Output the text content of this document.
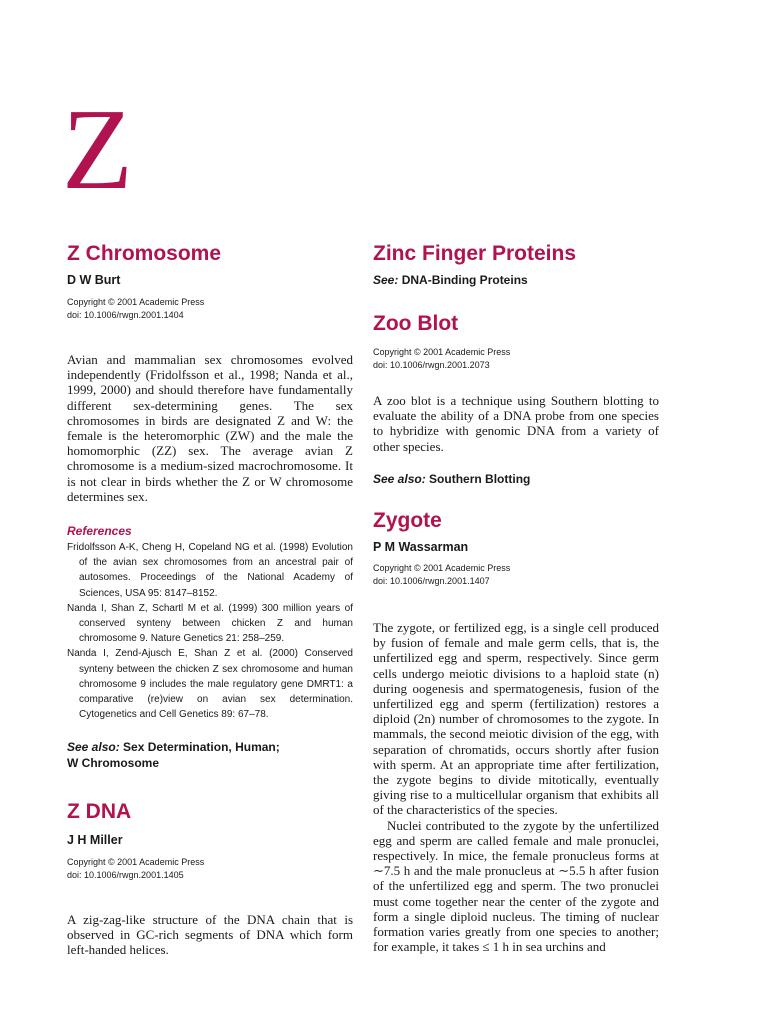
Z
Z Chromosome
D W Burt
Copyright © 2001 Academic Press
doi: 10.1006/rwgn.2001.1404

Avian and mammalian sex chromosomes evolved independently (Fridolfsson et al., 1998; Nanda et al., 1999, 2000) and should therefore have fundamentally different sex-determining genes. The sex chromosomes in birds are designated Z and W: the female is the heteromorphic (ZW) and the male the homomorphic (ZZ) sex. The average avian Z chromosome is a medium-sized macrochromosome. It is not clear in birds whether the Z or W chromosome determines sex.

References
Fridolfsson A-K, Cheng H, Copeland NG et al. (1998) Evolution of the avian sex chromosomes from an ancestral pair of autosomes. Proceedings of the National Academy of Sciences, USA 95: 8147–8152.
Nanda I, Shan Z, Schartl M et al. (1999) 300 million years of conserved synteny between chicken Z and human chromosome 9. Nature Genetics 21: 258–259.
Nanda I, Zend-Ajusch E, Shan Z et al. (2000) Conserved synteny between the chicken Z sex chromosome and human chromosome 9 includes the male regulatory gene DMRT1: a comparative (re)view on avian sex determination. Cytogenetics and Cell Genetics 89: 67–78.
See also: Sex Determination, Human;
W Chromosome
Z DNA
J H Miller
Copyright © 2001 Academic Press
doi: 10.1006/rwgn.2001.1405

A zig-zag-like structure of the DNA chain that is observed in GC-rich segments of DNA which form left-handed helices.

Zinc Finger Proteins
See: DNA-Binding Proteins
Zoo Blot
Copyright © 2001 Academic Press
doi: 10.1006/rwgn.2001.2073

A zoo blot is a technique using Southern blotting to evaluate the ability of a DNA probe from one species to hybridize with genomic DNA from a variety of other species.

See also: Southern Blotting
Zygote
P M Wassarman
Copyright © 2001 Academic Press
doi: 10.1006/rwgn.2001.1407

The zygote, or fertilized egg, is a single cell produced by fusion of female and male germ cells, that is, the unfertilized egg and sperm, respectively. Since germ cells undergo meiotic divisions to a haploid state (n) during oogenesis and spermatogenesis, fusion of the unfertilized egg and sperm (fertilization) restores a diploid (2n) number of chromosomes to the zygote. In mammals, the second meiotic division of the egg, with separation of chromatids, occurs shortly after fusion with sperm. At an appropriate time after fertilization, the zygote begins to divide mitotically, eventually giving rise to a multicellular organism that exhibits all of the characteristics of the species.

Nuclei contributed to the zygote by the unfertilized egg and sperm are called female and male pronuclei, respectively. In mice, the female pronucleus forms at ∼7.5 h and the male pronucleus at ∼5.5 h after fusion of the unfertilized egg and sperm. The two pronuclei must come together near the center of the zygote and form a single diploid nucleus. The timing of nuclear formation varies greatly from one species to another; for example, it takes ≤ 1 h in sea urchins and
